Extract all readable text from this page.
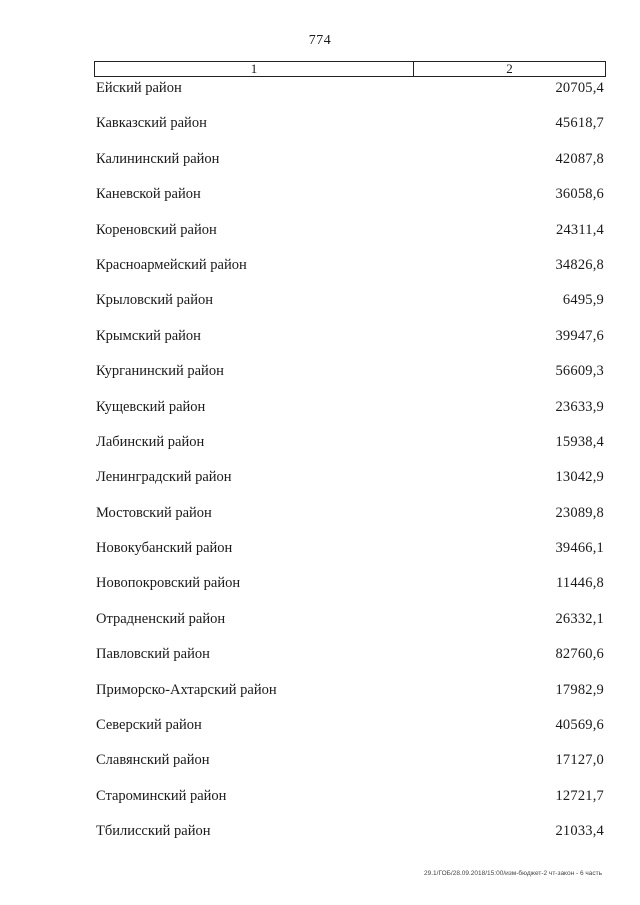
774
1	2
Ейский район	20705,4
Кавказский район	45618,7
Калининский район	42087,8
Каневской район	36058,6
Кореновский район	24311,4
Красноармейский район	34826,8
Крыловский район	6495,9
Крымский район	39947,6
Курганинский район	56609,3
Кущевский район	23633,9
Лабинский район	15938,4
Ленинградский район	13042,9
Мостовский район	23089,8
Новокубанский район	39466,1
Новопокровский район	11446,8
Отрадненский район	26332,1
Павловский район	82760,6
Приморско-Ахтарский район	17982,9
Северский район	40569,6
Славянский район	17127,0
Староминский район	12721,7
Тбилисский район	21033,4
29.1/ГОБ/28.09.2018/15:00/изм-бюджет-2 чт-закон - 6 часть
